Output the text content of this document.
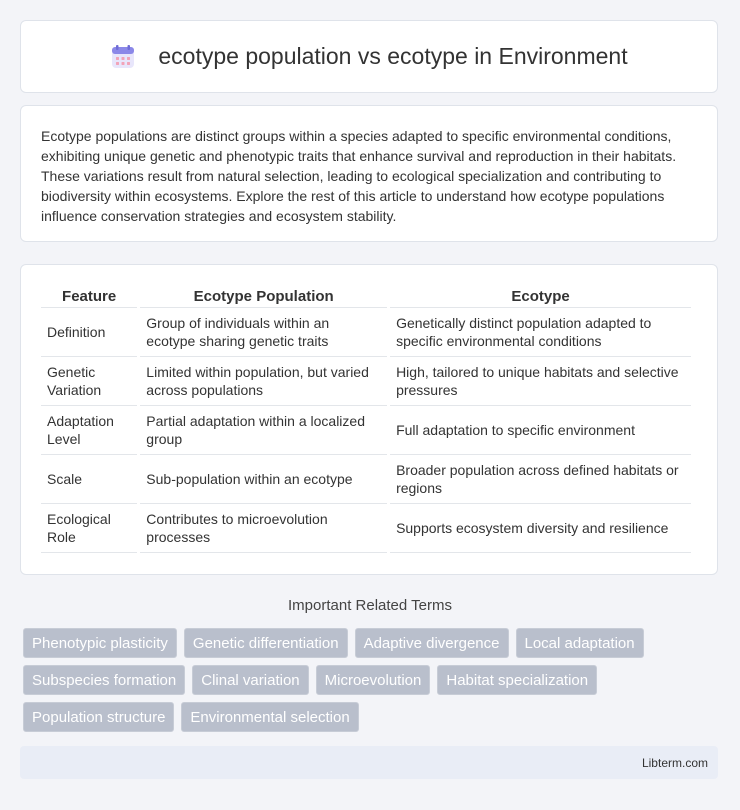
ecotype population vs ecotype in Environment

Ecotype populations are distinct groups within a species adapted to specific environmental conditions, exhibiting unique genetic and phenotypic traits that enhance survival and reproduction in their habitats. These variations result from natural selection, leading to ecological specialization and contributing to biodiversity within ecosystems. Explore the rest of this article to understand how ecotype populations influence conservation strategies and ecosystem stability.

Feature	Ecotype Population	Ecotype
Definition	Group of individuals within an ecotype sharing genetic traits	Genetically distinct population adapted to specific environmental conditions
Genetic Variation	Limited within population, but varied across populations	High, tailored to unique habitats and selective pressures
Adaptation Level	Partial adaptation within a localized group	Full adaptation to specific environment
Scale	Sub-population within an ecotype	Broader population across defined habitats or regions
Ecological Role	Contributes to microevolution processes	Supports ecosystem diversity and resilience
Important Related Terms
Phenotypic plasticity	Genetic differentiation	Adaptive divergence	Local adaptation
Subspecies formation	Clinal variation	Microevolution	Habitat specialization
Population structure	Environmental selection
Libterm.com
